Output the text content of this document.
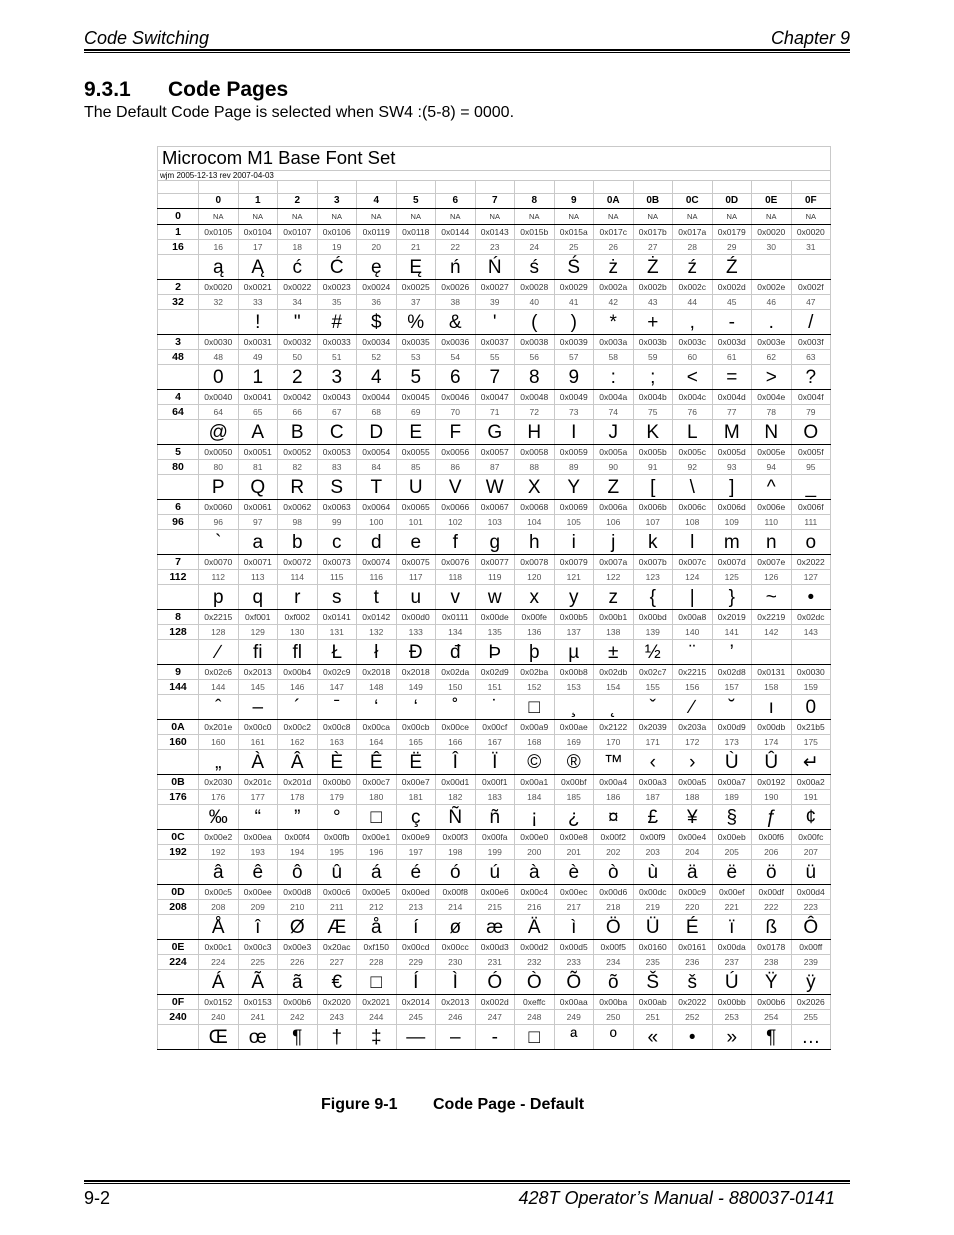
Code Switching	Chapter 9
9.3.1 Code Pages
The Default Code Page is selected when SW4 :(5-8) = 0000.
Microcom M1 Base Font Set																
wjm 2005-12-13 rev 2007-04-03																

	0	1	2	3	4	5	6	7	8	9	0A	0B	0C	0D	0E	0F
0	NA	NA	NA	NA	NA	NA	NA	NA	NA	NA	NA	NA	NA	NA	NA	NA
1	0x0105	0x0104	0x0107	0x0106	0x0119	0x0118	0x0144	0x0143	0x015b	0x015a	0x017c	0x017b	0x017a	0x0179	0x0020	0x0020
16	16	17	18	19	20	21	22	23	24	25	26	27	28	29	30	31
	ą	Ą	ć	Ć	ę	Ę	ń	Ń	ś	Ś	ż	Ż	ź	Ź		
2	0x0020	0x0021	0x0022	0x0023	0x0024	0x0025	0x0026	0x0027	0x0028	0x0029	0x002a	0x002b	0x002c	0x002d	0x002e	0x002f
32	32	33	34	35	36	37	38	39	40	41	42	43	44	45	46	47
		!	"	#	$	%	&	'	(	)	*	+	,	-	.	/
3	0x0030	0x0031	0x0032	0x0033	0x0034	0x0035	0x0036	0x0037	0x0038	0x0039	0x003a	0x003b	0x003c	0x003d	0x003e	0x003f
48	48	49	50	51	52	53	54	55	56	57	58	59	60	61	62	63
	0	1	2	3	4	5	6	7	8	9	:	;	<	=	>	?
4	0x0040	0x0041	0x0042	0x0043	0x0044	0x0045	0x0046	0x0047	0x0048	0x0049	0x004a	0x004b	0x004c	0x004d	0x004e	0x004f
64	64	65	66	67	68	69	70	71	72	73	74	75	76	77	78	79
	@	A	B	C	D	E	F	G	H	I	J	K	L	M	N	O
5	0x0050	0x0051	0x0052	0x0053	0x0054	0x0055	0x0056	0x0057	0x0058	0x0059	0x005a	0x005b	0x005c	0x005d	0x005e	0x005f
80	80	81	82	83	84	85	86	87	88	89	90	91	92	93	94	95
	P	Q	R	S	T	U	V	W	X	Y	Z	[	\	]	^	_
6	0x0060	0x0061	0x0062	0x0063	0x0064	0x0065	0x0066	0x0067	0x0068	0x0069	0x006a	0x006b	0x006c	0x006d	0x006e	0x006f
96	96	97	98	99	100	101	102	103	104	105	106	107	108	109	110	111
	`	a	b	c	d	e	f	g	h	i	j	k	l	m	n	o
7	0x0070	0x0071	0x0072	0x0073	0x0074	0x0075	0x0076	0x0077	0x0078	0x0079	0x007a	0x007b	0x007c	0x007d	0x007e	0x2022
112	112	113	114	115	116	117	118	119	120	121	122	123	124	125	126	127
	p	q	r	s	t	u	v	w	x	y	z	{	|	}	~	•
8	0x2215	0xf001	0xf002	0x0141	0x0142	0x00d0	0x0111	0x00de	0x00fe	0x00b5	0x00b1	0x00bd	0x00a8	0x2019	0x2219	0x02dc
128	128	129	130	131	132	133	134	135	136	137	138	139	140	141	142	143
	∕	ﬁ	ﬂ	Ł	ł	Ð	đ	Þ	þ	µ	±	½	¨	’		
9	0x02c6	0x2013	0x00b4	0x02c9	0x2018	0x2018	0x02da	0x02d9	0x02ba	0x00b8	0x02db	0x02c7	0x2215	0x02d8	0x0131	0x0030
144	144	145	146	147	148	149	150	151	152	153	154	155	156	157	158	159
	ˆ	–	´	ˉ	‘	‘	˚	˙	□	¸	˛	ˇ	∕	˘	ı	0
0A	0x201e	0x00c0	0x00c2	0x00c8	0x00ca	0x00cb	0x00ce	0x00cf	0x00a9	0x00ae	0x2122	0x2039	0x203a	0x00d9	0x00db	0x21b5
160	160	161	162	163	164	165	166	167	168	169	170	171	172	173	174	175
	„	À	Â	È	Ê	Ë	Î	Ï	©	®	™	‹	›	Ù	Û	↵
0B	0x2030	0x201c	0x201d	0x00b0	0x00c7	0x00e7	0x00d1	0x00f1	0x00a1	0x00bf	0x00a4	0x00a3	0x00a5	0x00a7	0x0192	0x00a2
176	176	177	178	179	180	181	182	183	184	185	186	187	188	189	190	191
	‰	“	”	°	□	ç	Ñ	ñ	¡	¿	¤	£	¥	§	ƒ	¢
0C	0x00e2	0x00ea	0x00f4	0x00fb	0x00e1	0x00e9	0x00f3	0x00fa	0x00e0	0x00e8	0x00f2	0x00f9	0x00e4	0x00eb	0x00f6	0x00fc
192	192	193	194	195	196	197	198	199	200	201	202	203	204	205	206	207
	â	ê	ô	û	á	é	ó	ú	à	è	ò	ù	ä	ë	ö	ü
0D	0x00c5	0x00ee	0x00d8	0x00c6	0x00e5	0x00ed	0x00f8	0x00e6	0x00c4	0x00ec	0x00d6	0x00dc	0x00c9	0x00ef	0x00df	0x00d4
208	208	209	210	211	212	213	214	215	216	217	218	219	220	221	222	223
	Å	î	Ø	Æ	å	í	ø	æ	Ä	ì	Ö	Ü	É	ï	ß	Ô
0E	0x00c1	0x00c3	0x00e3	0x20ac	0xf150	0x00cd	0x00cc	0x00d3	0x00d2	0x00d5	0x00f5	0x0160	0x0161	0x00da	0x0178	0x00ff
224	224	225	226	227	228	229	230	231	232	233	234	235	236	237	238	239
	Á	Ã	ã	€	□	Í	Ì	Ó	Ò	Õ	õ	Š	š	Ú	Ÿ	ÿ
0F	0x0152	0x0153	0x00b6	0x2020	0x2021	0x2014	0x2013	0x002d	0xeffc	0x00aa	0x00ba	0x00ab	0x2022	0x00bb	0x00b6	0x2026
240	240	241	242	243	244	245	246	247	248	249	250	251	252	253	254	255
	Œ	œ	¶	†	‡	—	–	-	□	ª	º	«	•	»	¶	…
Figure 9-1 Code Page - Default
9-2	428T Operator’s Manual - 880037-0141
